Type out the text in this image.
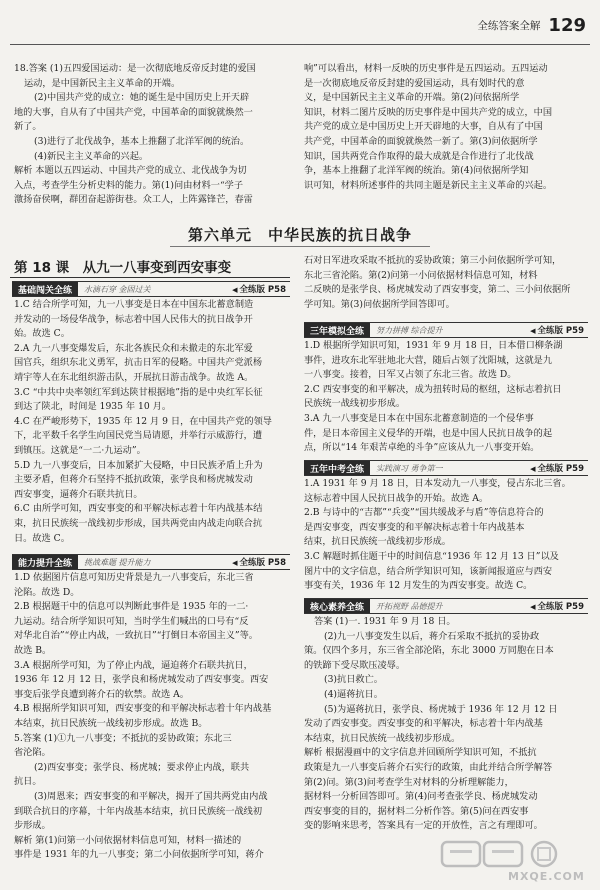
全练答案全解 129

18.答案 (1)五四爱国运动：是一次彻底地反帝反封建的爱国

运动，是中国新民主主义革命的开端。

(2)中国共产党的成立：她的诞生是中国历史上开天辟

地的大事，自从有了中国共产党，中国革命的面貌就焕然一

新了。

(3)进行了北伐战争，基本上推翻了北洋军阀的统治。

(4)新民主主义革命的兴起。

解析 本题以五四运动、中国共产党的成立、北伐战争为切

入点，考查学生分析史料的能力。第(1)问由材料一“学子

激扬奋侯啊，群团奋起游街巷。众工人，上阵露锋芒，春雷

响”可以看出，材料一反映的历史事件是五四运动。五四运动

是一次彻底地反帝反封建的爱国运动，具有划时代的意

义，是中国新民主主义革命的开端。第(2)问依据所学

知识，材料二图片反映的历史事件是中国共产党的成立，中国

共产党的成立是中国历史上开天辟地的大事，自从有了中国

共产党，中国革命的面貌就焕然一新了。第(3)问依据所学

知识，国共两党合作取得的最大成就是合作进行了北伐战

争，基本上推翻了北洋军阀的统治。第(4)问依据所学知

识可知，材料所述事件的共同主题是新民主主义革命的兴起。

第六单元　中华民族的抗日战争
第 18 课　从九一八事变到西安事变
基础闯关全练	水滴石穿 金固过关	◀ 全练版 P58

1.C 结合所学可知，九一八事变是日本在中国东北蓄意制造

并发动的一场侵华战争，标志着中国人民伟大的抗日战争开

始。故选 C。

2.A 九一八事变爆发后，东北各族民众和未撤走的东北军爱

国官兵，组织东北义勇军，抗击日军的侵略。中国共产党派杨

靖宇等人在东北组织游击队，开展抗日游击战争。故选 A。

3.C “中共中央率领红军到达陕甘根据地”指的是中央红军长征

到达了陕北，时间是 1935 年 10 月。

4.C 在严峻形势下，1935 年 12 月 9 日，在中国共产党的领导

下，北平数千名学生向国民党当局请愿，并举行示威游行，遭

到镇压。这就是“一二·九运动”。

5.D 九一八事变后，日本加紧扩大侵略，中日民族矛盾上升为

主要矛盾，但蒋介石坚持不抵抗政策，张学良和杨虎城发动

西安事变，逼蒋介石联共抗日。

6.C 由所学可知，西安事变的和平解决标志着十年内战基本结

束，抗日民族统一战线初步形成，国共两党由内战走向联合抗

日。故选 C。

能力提升全练	挑战难题 提升能力	◀ 全练版 P58

1.D 依据图片信息可知历史背景是九一八事变后，东北三省

沦陷。故选 D。

2.B 根据题干中的信息可以判断此事件是 1935 年的一二·

九运动。结合所学知识可知，当时学生们喊出的口号有“反

对华北自治”“停止内战，一致抗日”“打倒日本帝国主义”等。

故选 B。

3.A 根据所学可知，为了停止内战，逼迫蒋介石联共抗日，

1936 年 12 月 12 日，张学良和杨虎城发动了西安事变。西安

事变后张学良遭到蒋介石的软禁。故选 A。

4.B 根据所学知识可知，西安事变的和平解决标志着十年内战基

本结束，抗日民族统一战线初步形成。故选 B。

5.答案 (1)①九一八事变；不抵抗的妥协政策；东北三

省沦陷。

(2)西安事变；张学良、杨虎城；要求停止内战，联共

抗日。

(3)周恩来；西安事变的和平解决，揭开了国共两党由内战

到联合抗日的序幕，十年内战基本结束，抗日民族统一战线初

步形成。

解析 第(1)问第一小问依据材料信息可知，材料一描述的

事件是 1931 年的九一八事变；第二小问依据所学可知，蒋介

石对日军进攻采取不抵抗的妥协政策；第三小问依据所学可知，

东北三省沦陷。第(2)问第一小问依据材料信息可知，材料

二反映的是张学良、杨虎城发动了西安事变，第二、三小问依据所

学可知。第(3)问依据所学回答即可。

三年模拟全练	努力拼搏 综合提升	◀ 全练版 P59

1.D 根据所学知识可知，1931 年 9 月 18 日，日本借口柳条湖

事件，进攻东北军驻地北大营，随后占领了沈阳城，这就是九

一八事变。接着，日军又占领了东北三省。故选 D。

2.C 西安事变的和平解决，成为扭转时局的枢纽，这标志着抗日

民族统一战线初步形成。

3.A 九一八事变是日本在中国东北蓄意制造的一个侵华事

件，是日本帝国主义侵华的开端，也是中国人民抗日战争的起

点，所以“14 年艰苦卓绝的斗争”应该从九一八事变开始。

五年中考全练	实践演习 勇争第一	◀ 全练版 P59

1.A 1931 年 9 月 18 日，日本发动九一八事变，侵占东北三省。

这标志着中国人民抗日战争的开始。故选 A。

2.B 与诗中的“吉都”“兵变”“国共缓战矛与盾”等信息符合的

是西安事变，西安事变的和平解决标志着十年内战基本

结束，抗日民族统一战线初步形成。

3.C 解题时抓住题干中的时间信息“1936 年 12 月 13 日”以及

图片中的文字信息，结合所学知识可知，该新闻报道应与西安

事变有关，1936 年 12 月发生的为西安事变。故选 C。

核心素养全练	开拓视野 品德提升	◀ 全练版 P59

答案 (1)一. 1931 年 9 月 18 日。

(2)九一八事变发生以后，蒋介石采取不抵抗的妥协政

策。仅四个多月，东三省全部沦陷，东北 3000 万同胞在日本

的铁蹄下受尽欺压凌辱。

(3)抗日救亡。

(4)逼蒋抗日。

(5)为逼蒋抗日，张学良、杨虎城于 1936 年 12 月 12 日

发动了西安事变。西安事变的和平解决，标志着十年内战基

本结束，抗日民族统一战线初步形成。

解析 根据漫画中的文字信息并回顾所学知识可知，不抵抗

政策是九一八事变后蒋介石实行的政策，由此并结合所学解答

第(2)问。第(3)问考查学生对材料的分析理解能力，

据材料一分析回答即可。第(4)问考查张学良、杨虎城发动

西安事变的目的，据材料二分析作答。第(5)问在西安事

变的影响来思考，答案具有一定的开放性，言之有理即可。

MXQE.COM
